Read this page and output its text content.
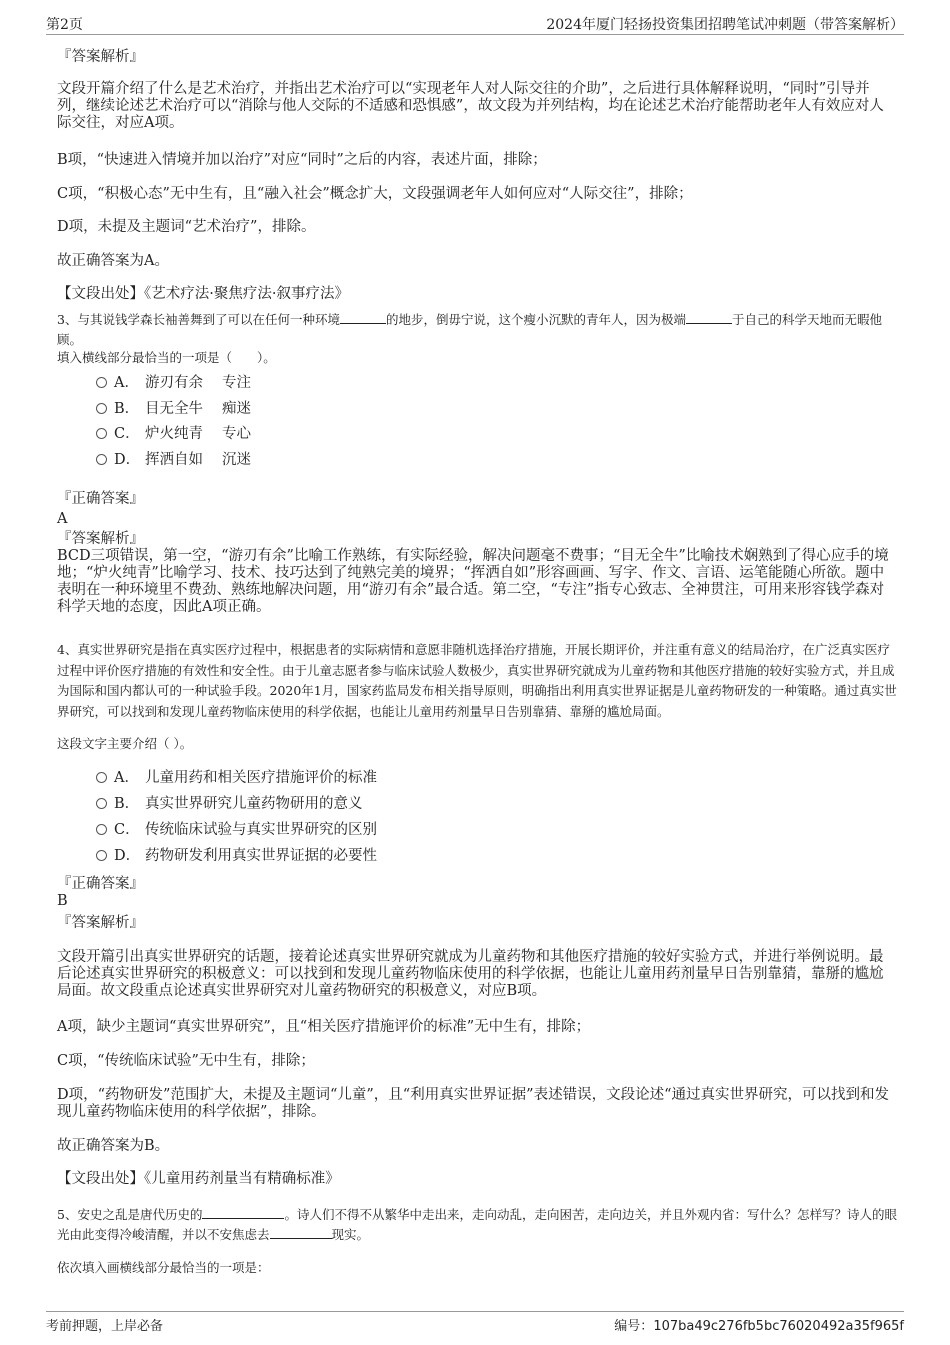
第2页	2024年厦门轻扬投资集团招聘笔试冲刺题（带答案解析）
『答案解析』
文段开篇介绍了什么是艺术治疗，并指出艺术治疗可以“实现老年人对人际交往的介助”，之后进行具体解释说明，“同时”引导并列，继续论述艺术治疗可以“消除与他人交际的不适感和恐惧感”，故文段为并列结构，均在论述艺术治疗能帮助老年人有效应对人际交往，对应A项。
B项，“快速进入情境并加以治疗”对应“同时”之后的内容，表述片面，排除；
C项，“积极心态”无中生有，且“融入社会”概念扩大，文段强调老年人如何应对“人际交往”，排除；
D项，未提及主题词“艺术治疗”，排除。
故正确答案为A。
【文段出处】《艺术疗法·聚焦疗法·叙事疗法》
3、与其说钱学森长袖善舞到了可以在任何一种环境	的地步，倒毋宁说，这个瘦小沉默的青年人，因为极端	于自己的科学天地而无暇他顾。
填入横线部分最恰当的一项是（　　）。
A． 游刃有余 专注
B． 目无全牛 痴迷
C． 炉火纯青 专心
D． 挥洒自如 沉迷
『正确答案』
A
『答案解析』
BCD三项错误，第一空，“游刃有余”比喻工作熟练，有实际经验，解决问题毫不费事；“目无全牛”比喻技术娴熟到了得心应手的境地；“炉火纯青”比喻学习、技术、技巧达到了纯熟完美的境界；“挥洒自如”形容画画、写字、作文、言语、运笔能随心所欲。题中表明在一种环境里不费劲、熟练地解决问题，用“游刃有余”最合适。第二空，“专注”指专心致志、全神贯注，可用来形容钱学森对科学天地的态度，因此A项正确。
4、真实世界研究是指在真实医疗过程中，根据患者的实际病情和意愿非随机选择治疗措施，开展长期评价，并注重有意义的结局治疗，在广泛真实医疗过程中评价医疗措施的有效性和安全性。由于儿童志愿者参与临床试验人数极少，真实世界研究就成为儿童药物和其他医疗措施的较好实验方式，并且成为国际和国内都认可的一种试验手段。2020年1月，国家药监局发布相关指导原则，明确指出利用真实世界证据是儿童药物研发的一种策略。通过真实世界研究，可以找到和发现儿童药物临床使用的科学依据，也能让儿童用药剂量早日告别靠猜、靠掰的尴尬局面。
这段文字主要介绍（ ）。
A． 儿童用药和相关医疗措施评价的标准
B． 真实世界研究儿童药物研用的意义
C． 传统临床试验与真实世界研究的区别
D． 药物研发利用真实世界证据的必要性
『正确答案』
B
『答案解析』
文段开篇引出真实世界研究的话题，接着论述真实世界研究就成为儿童药物和其他医疗措施的较好实验方式，并进行举例说明。最后论述真实世界研究的积极意义：可以找到和发现儿童药物临床使用的科学依据，也能让儿童用药剂量早日告别靠猜，靠掰的尴尬局面。故文段重点论述真实世界研究对儿童药物研究的积极意义，对应B项。
A项，缺少主题词“真实世界研究”，且“相关医疗措施评价的标准”无中生有，排除；
C项，“传统临床试验”无中生有，排除；
D项，“药物研发”范围扩大，未提及主题词“儿童”，且“利用真实世界证据”表述错误，文段论述“通过真实世界研究，可以找到和发现儿童药物临床使用的科学依据”，排除。
故正确答案为B。
【文段出处】《儿童用药剂量当有精确标准》
5、安史之乱是唐代历史的	。诗人们不得不从繁华中走出来，走向动乱，走向困苦，走向边关，并且外观内省：写什么？怎样写？诗人的眼光由此变得冷峻清醒，并以不安焦虑去	现实。
依次填入画横线部分最恰当的一项是：
考前押题，上岸必备	编号：107ba49c276fb5bc76020492a35f965f
